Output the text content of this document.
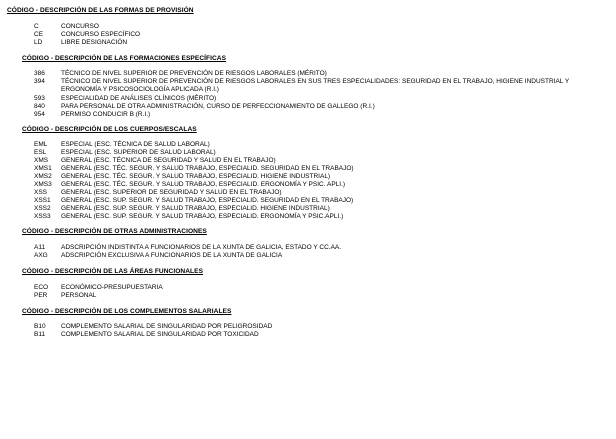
CÓDIGO - DESCRIPCIÓN DE LAS FORMAS DE PROVISIÓN
C	CONCURSO
CE	CONCURSO ESPECÍFICO
LD	LIBRE DESIGNACIÓN
CÓDIGO - DESCRIPCIÓN DE LAS FORMACIONES ESPECÍFICAS
386 TÉCNICO DE NIVEL SUPERIOR DE PREVENCIÓN DE RIESGOS LABORALES (MÉRITO)
394 TÉCNICO DE NIVEL SUPERIOR DE PREVENCIÓN DE RIESGOS LABORALES EN SUS TRES ESPECIALIDADES: SEGURIDAD EN EL TRABAJO, HIGIENE INDUSTRIAL Y ERGONOMÍA Y PSICOSOCIOLOGÍA APLICADA (R.I.)
593 ESPECIALIDAD DE ANÁLISES CLÍNICOS (MÉRITO)
840 PARA PERSONAL DE OTRA ADMINISTRACIÓN, CURSO DE PERFECCIONAMIENTO DE GALLEGO (R.I.)
954 PERMISO CONDUCIR B (R.I.)
CÓDIGO - DESCRIPCIÓN DE LOS CUERPOS/ESCALAS
EML ESPECIAL (ESC. TÉCNICA DE SALUD LABORAL)
ESL ESPECIAL (ESC. SUPERIOR DE SALUD LABORAL)
XMS GENERAL (ESC. TÉCNICA DE SEGURIDAD Y SALUD EN EL TRABAJO)
XMS1 GENERAL (ESC. TÉC. SEGUR. Y SALUD TRABAJO, ESPECIALID. SEGURIDAD EN EL TRABAJO)
XMS2 GENERAL (ESC. TÉC. SEGUR. Y SALUD TRABAJO, ESPECIALID. HIGIENE INDUSTRIAL)
XMS3 GENERAL (ESC. TÉC. SEGUR. Y SALUD TRABAJO, ESPECIALID. ERGONOMÍA Y PSIC. APLI.)
XSS GENERAL (ESC. SUPERIOR DE SEGURIDAD Y SALUD EN EL TRABAJO)
XSS1 GENERAL (ESC. SUP. SEGUR. Y SALUD TRABAJO, ESPECIALID. SEGURIDAD EN EL TRABAJO)
XSS2 GENERAL (ESC. SUP. SEGUR. Y SALUD TRABAJO, ESPECIALID. HIGIENE INDUSTRIAL)
XSS3 GENERAL (ESC. SUP. SEGUR. Y SALUD TRABAJO, ESPECIALID. ERGONOMÍA Y PSIC.APLI.)
CÓDIGO - DESCRIPCIÓN DE OTRAS ADMINISTRACIONES
A11 ADSCRIPCIÓN INDISTINTA A FUNCIONARIOS DE LA XUNTA DE GALICIA, ESTADO Y CC.AA.
AXG ADSCRIPCIÓN EXCLUSIVA A FUNCIONARIOS DE LA XUNTA DE GALICIA
CÓDIGO - DESCRIPCIÓN DE LAS ÁREAS FUNCIONALES
ECO ECONÓMICO-PRESUPUESTARIA
PER PERSONAL
CÓDIGO - DESCRIPCIÓN DE LOS COMPLEMENTOS SALARIALES
B10 COMPLEMENTO SALARIAL DE SINGULARIDAD POR PELIGROSIDAD
B11 COMPLEMENTO SALARIAL DE SINGULARIDAD POR TOXICIDAD
